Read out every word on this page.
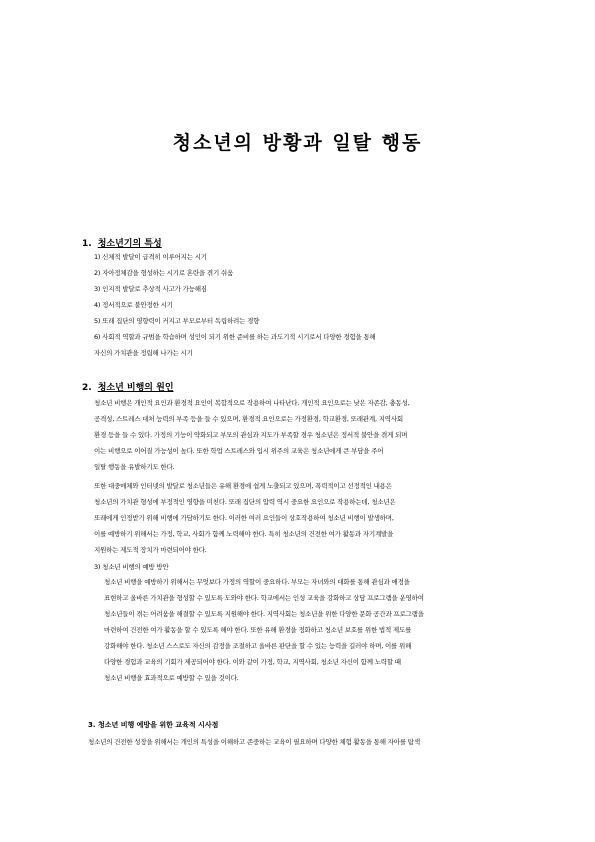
청소년의 방황과 일탈 행동
1. 청소년기의 특성
1) 신체적 발달이 급격히 이루어지는 시기
2) 자아정체감을 형성하는 시기로 혼란을 겪기 쉬움
3) 인지적 발달로 추상적 사고가 가능해짐
4) 정서적으로 불안정한 시기
5) 또래 집단의 영향력이 커지고 부모로부터 독립하려는 경향
6) 사회적 역할과 규범을 학습하며 성인이 되기 위한 준비를 하는 과도기적 시기로서 다양한 경험을 통해
자신의 가치관을 정립해 나가는 시기
2. 청소년 비행의 원인
청소년 비행은 개인적 요인과 환경적 요인이 복합적으로 작용하여 나타난다. 개인적 요인으로는 낮은 자존감, 충동성,
공격성, 스트레스 대처 능력의 부족 등을 들 수 있으며, 환경적 요인으로는 가정환경, 학교환경, 또래관계, 지역사회
환경 등을 들 수 있다. 가정의 기능이 약화되고 부모의 관심과 지도가 부족할 경우 청소년은 정서적 불안을 겪게 되며
이는 비행으로 이어질 가능성이 높다. 또한 학업 스트레스와 입시 위주의 교육은 청소년에게 큰 부담을 주어
일탈 행동을 유발하기도 한다.
또한 대중매체와 인터넷의 발달로 청소년들은 유해 환경에 쉽게 노출되고 있으며, 폭력적이고 선정적인 내용은
청소년의 가치관 형성에 부정적인 영향을 미친다. 또래 집단의 압력 역시 중요한 요인으로 작용하는데, 청소년은
또래에게 인정받기 위해 비행에 가담하기도 한다. 이러한 여러 요인들이 상호작용하여 청소년 비행이 발생하며,
이를 예방하기 위해서는 가정, 학교, 사회가 함께 노력해야 한다. 특히 청소년의 건전한 여가 활동과 자기계발을
지원하는 제도적 장치가 마련되어야 한다.
3) 청소년 비행의 예방 방안
청소년 비행을 예방하기 위해서는 무엇보다 가정의 역할이 중요하다. 부모는 자녀와의 대화를 통해 관심과 애정을
표현하고 올바른 가치관을 형성할 수 있도록 도와야 한다. 학교에서는 인성 교육을 강화하고 상담 프로그램을 운영하여
청소년들이 겪는 어려움을 해결할 수 있도록 지원해야 한다. 지역사회는 청소년을 위한 다양한 문화 공간과 프로그램을
마련하여 건전한 여가 활동을 할 수 있도록 해야 한다. 또한 유해 환경을 정화하고 청소년 보호를 위한 법적 제도를
강화해야 한다. 청소년 스스로도 자신의 감정을 조절하고 올바른 판단을 할 수 있는 능력을 길러야 하며, 이를 위해
다양한 경험과 교육의 기회가 제공되어야 한다. 이와 같이 가정, 학교, 지역사회, 청소년 자신이 함께 노력할 때
청소년 비행을 효과적으로 예방할 수 있을 것이다.
3. 청소년 비행 예방을 위한 교육적 시사점
청소년의 건전한 성장을 위해서는 개인의 특성을 이해하고 존중하는 교육이 필요하며 다양한 체험 활동을 통해 자아를 탐색
